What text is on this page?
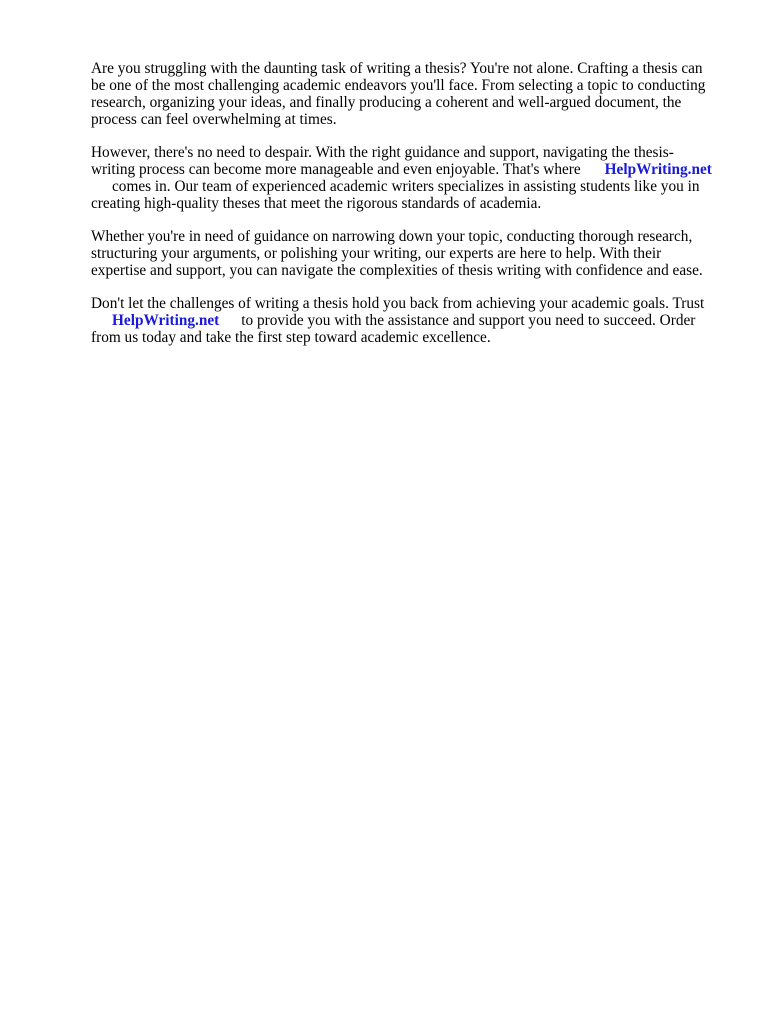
Are you struggling with the daunting task of writing a thesis? You're not alone. Crafting a thesis can
be one of the most challenging academic endeavors you'll face. From selecting a topic to conducting
research, organizing your ideas, and finally producing a coherent and well-argued document, the
process can feel overwhelming at times.

However, there's no need to despair. With the right guidance and support, navigating the thesis-
writing process can become more manageable and even enjoyable. That's where HelpWriting.net
comes in. Our team of experienced academic writers specializes in assisting students like you in
creating high-quality theses that meet the rigorous standards of academia.

Whether you're in need of guidance on narrowing down your topic, conducting thorough research,
structuring your arguments, or polishing your writing, our experts are here to help. With their
expertise and support, you can navigate the complexities of thesis writing with confidence and ease.

Don't let the challenges of writing a thesis hold you back from achieving your academic goals. Trust
HelpWriting.net to provide you with the assistance and support you need to succeed. Order
from us today and take the first step toward academic excellence.
